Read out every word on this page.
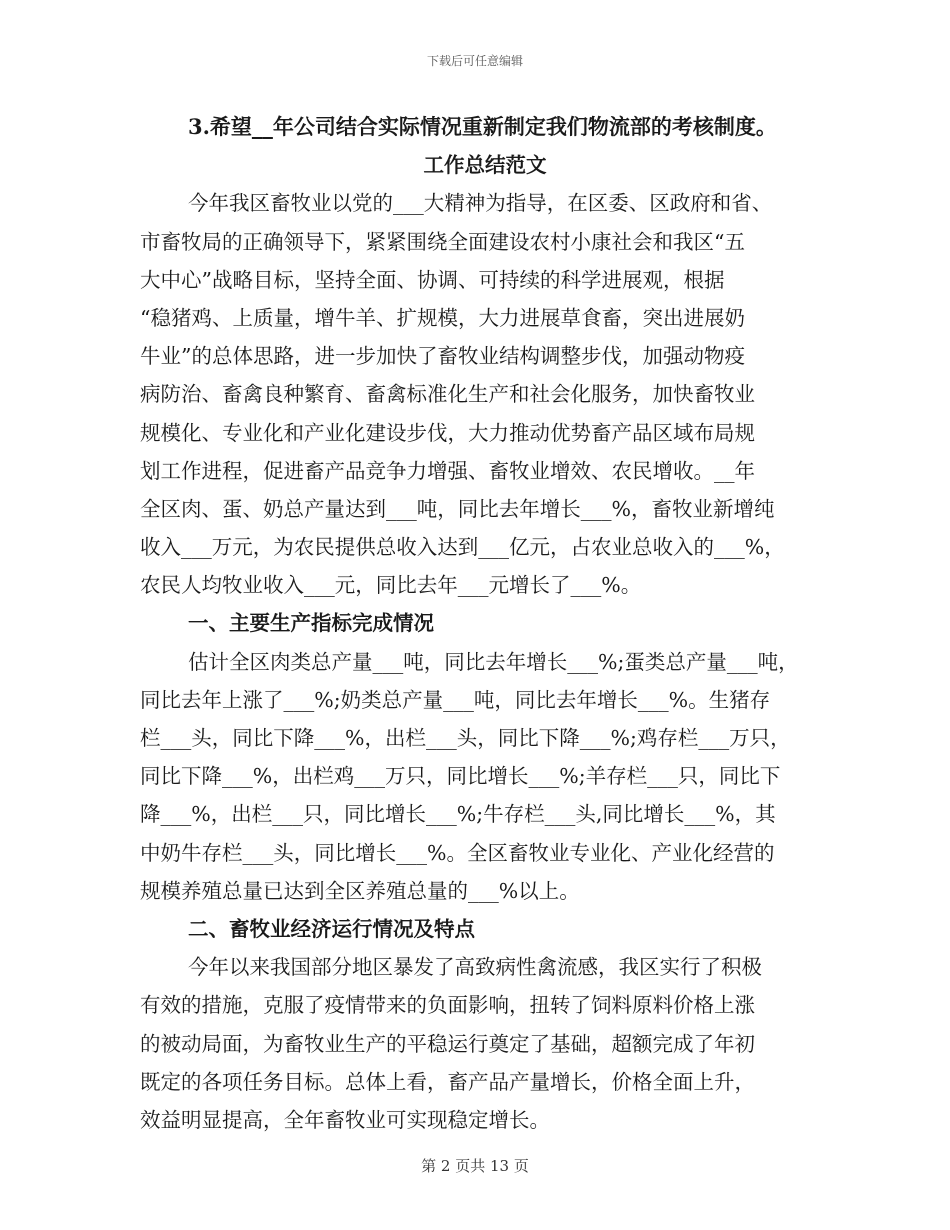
下载后可任意编辑
3.希望__年公司结合实际情况重新制定我们物流部的考核制度。
工作总结范文
今年我区畜牧业以党的___大精神为指导，在区委、区政府和省、
市畜牧局的正确领导下，紧紧围绕全面建设农村小康社会和我区“五
大中心”战略目标，坚持全面、协调、可持续的科学进展观，根据
“稳猪鸡、上质量，增牛羊、扩规模，大力进展草食畜，突出进展奶
牛业”的总体思路，进一步加快了畜牧业结构调整步伐，加强动物疫
病防治、畜禽良种繁育、畜禽标准化生产和社会化服务，加快畜牧业
规模化、专业化和产业化建设步伐，大力推动优势畜产品区域布局规
划工作进程，促进畜产品竞争力增强、畜牧业增效、农民增收。__年
全区肉、蛋、奶总产量达到___吨，同比去年增长___%，畜牧业新增纯
收入___万元，为农民提供总收入达到___亿元，占农业总收入的___%，
农民人均牧业收入___元，同比去年___元增长了___%。
一、主要生产指标完成情况
估计全区肉类总产量___吨，同比去年增长___%;蛋类总产量___吨，
同比去年上涨了___%;奶类总产量___吨，同比去年增长___%。生猪存
栏___头，同比下降___%，出栏___头，同比下降___%;鸡存栏___万只，
同比下降___%，出栏鸡___万只，同比增长___%;羊存栏___只，同比下
降___%，出栏___只，同比增长___%;牛存栏___头,同比增长___%，其
中奶牛存栏___头，同比增长___%。全区畜牧业专业化、产业化经营的
规模养殖总量已达到全区养殖总量的___%以上。
二、畜牧业经济运行情况及特点
今年以来我国部分地区暴发了高致病性禽流感，我区实行了积极
有效的措施，克服了疫情带来的负面影响，扭转了饲料原料价格上涨
的被动局面，为畜牧业生产的平稳运行奠定了基础，超额完成了年初
既定的各项任务目标。总体上看，畜产品产量增长，价格全面上升，
效益明显提高，全年畜牧业可实现稳定增长。
第 2 页共 13 页
